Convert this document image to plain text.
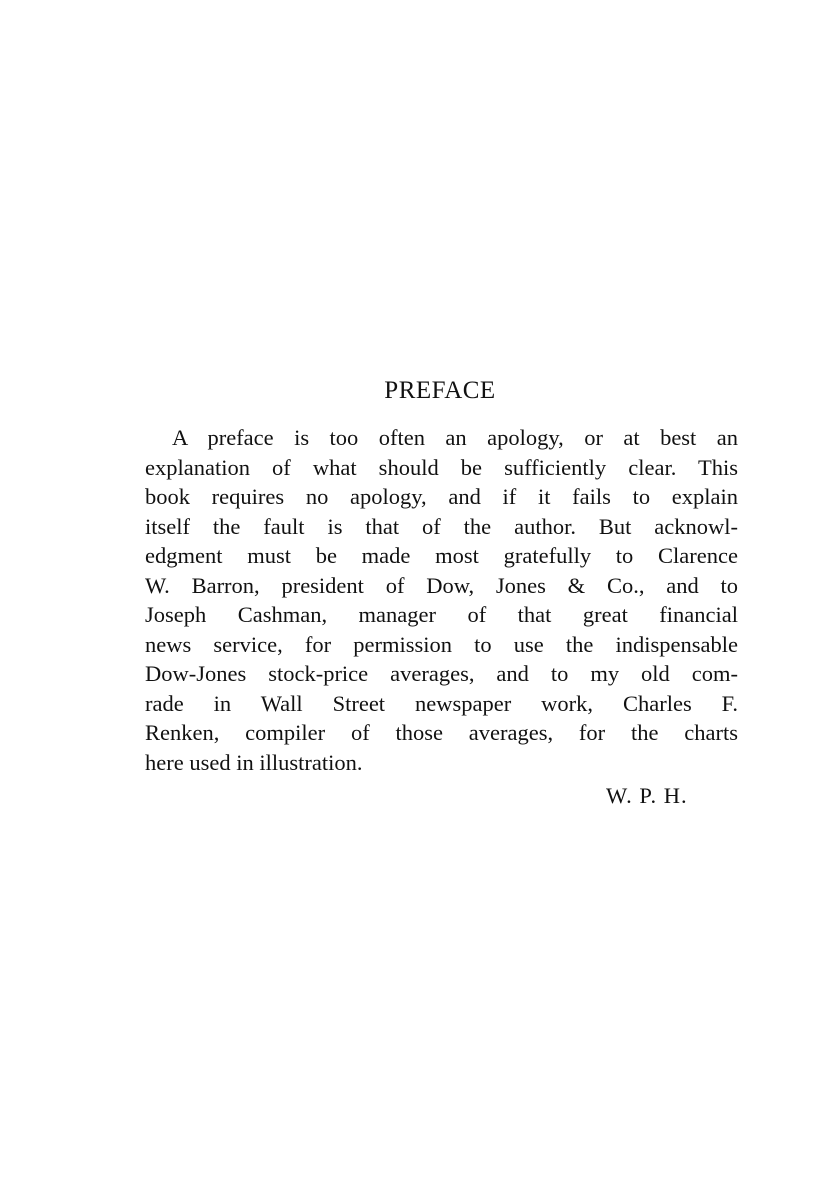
PREFACE
A preface is too often an apology, or at best an
explanation of what should be sufficiently clear. This
book requires no apology, and if it fails to explain
itself the fault is that of the author. But acknowl-
edgment must be made most gratefully to Clarence
W. Barron, president of Dow, Jones & Co., and to
Joseph Cashman, manager of that great financial
news service, for permission to use the indispensable
Dow-Jones stock-price averages, and to my old com-
rade in Wall Street newspaper work, Charles F.
Renken, compiler of those averages, for the charts
here used in illustration.
W. P. H.
